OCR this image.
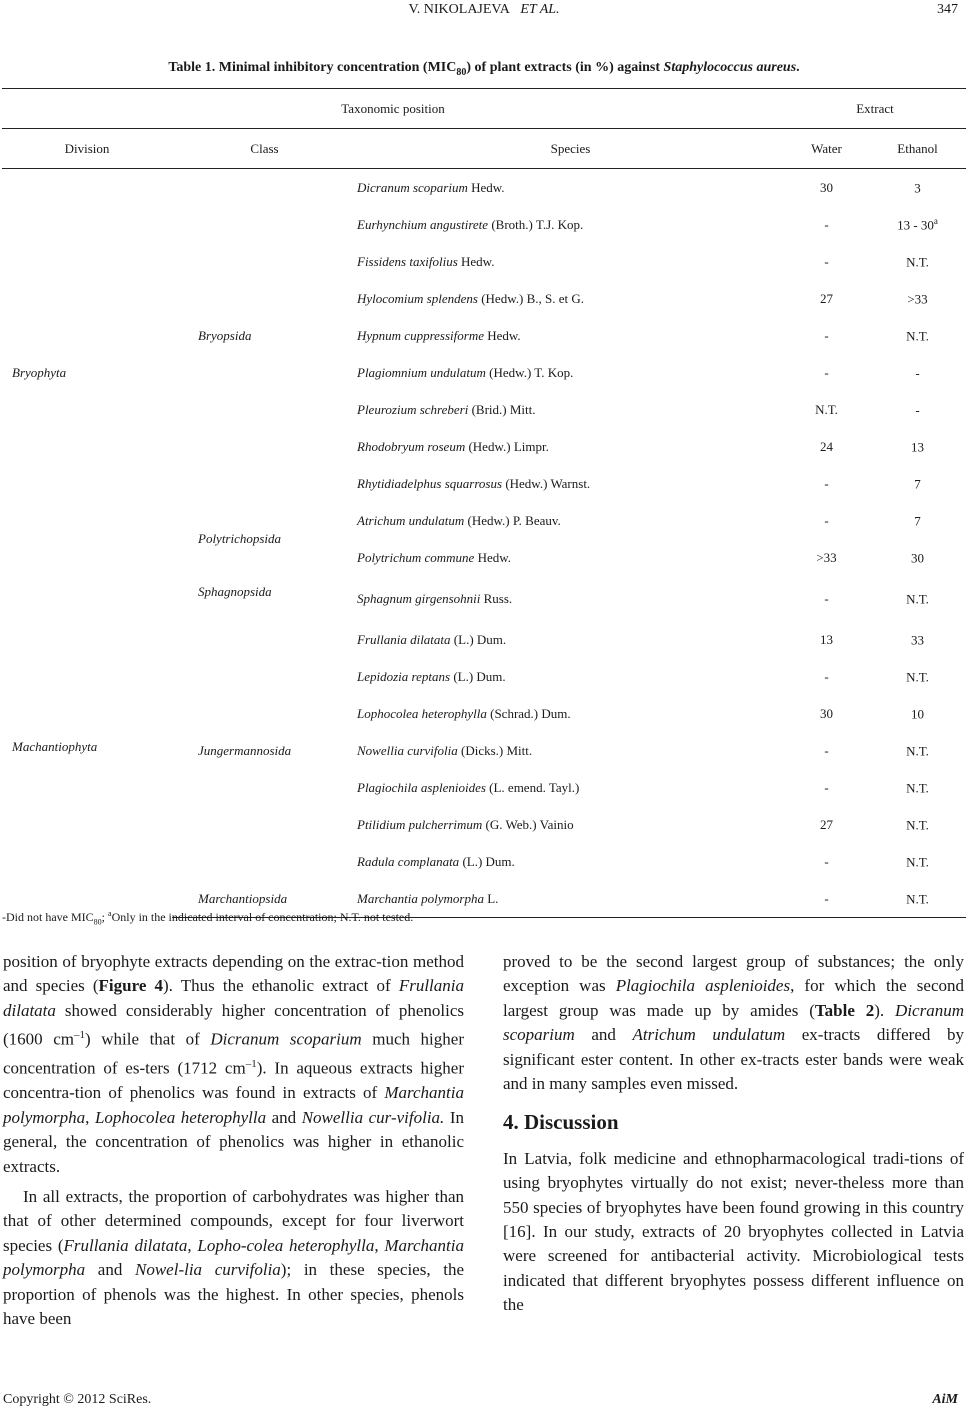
V. NIKOLAJEVA ET AL.	347
Table 1. Minimal inhibitory concentration $(MIC_{80})$ of plant extracts (in %) against Staphylococcus aureus.
Taxonomic position			Extract	
Division	Class	Species	Water	Ethanol
Bryophyta	Bryopsida	Dicranum scoparium Hedw.	30	3
		Eurhynchium angustirete (Broth.) T.J. Kop.	-	13 - 30$^a$
		Fissidens taxifolius Hedw.	-	N.T.
		Hylocomium splendens (Hedw.) B., S. et G.	27	>33
		Hypnum cuppressiforme Hedw.	-	N.T.
		Plagiomnium undulatum (Hedw.) T. Kop.	-	-
		Pleurozium schreberi (Brid.) Mitt.	N.T.	-
		Rhodobryum roseum (Hedw.) Limpr.	24	13
		Rhytidiadelphus squarrosus (Hedw.) Warnst.	-	7
	Polytrichopsida	Atrichum undulatum (Hedw.) P. Beauv.	-	7
		Polytrichum commune Hedw.	>33	30
Machantiophyta	Sphagnopsida	Sphagnum girgensohnii Russ.	-	N.T.
	Jungermannosida	Frullania dilatata (L.) Dum.	13	33
		Lepidozia reptans (L.) Dum.	-	N.T.
		Lophocolea heterophylla (Schrad.) Dum.	30	10
		Nowellia curvifolia (Dicks.) Mitt.	-	N.T.
		Plagiochila asplenioides (L. emend. Tayl.)	-	N.T.
		Ptilidium pulcherrimum (G. Web.) Vainio	27	N.T.
		Radula complanata (L.) Dum.	-	N.T.
	Marchantiopsida	Marchantia polymorpha L.	-	N.T.
-Did not have $MIC_{80}$; $^a$Only in the indicated interval of concentration; N.T. not tested.

position of bryophyte extracts depending on the extrac-tion method and species (Figure 4). Thus the ethanolic extract of Frullania dilatata showed considerably higher concentration of phenolics (1600 $cm^{-1}$) while that of Dicranum scoparium much higher concentration of es-ters (1712 $cm^{-1}$). In aqueous extracts higher concentra-tion of phenolics was found in extracts of Marchantia polymorpha, Lophocolea heterophylla and Nowellia cur-vifolia. In general, the concentration of phenolics was higher in ethanolic extracts.

In all extracts, the proportion of carbohydrates was higher than that of other determined compounds, except for four liverwort species (Frullania dilatata, Lopho-colea heterophylla, Marchantia polymorpha and Nowel-lia curvifolia); in these species, the proportion of phenols was the highest. In other species, phenols have been

proved to be the second largest group of substances; the only exception was Plagiochila asplenioides, for which the second largest group was made up by amides (Table 2). Dicranum scoparium and Atrichum undulatum ex-tracts differed by significant ester content. In other ex-tracts ester bands were weak and in many samples even missed.

4. Discussion

In Latvia, folk medicine and ethnopharmacological tradi-tions of using bryophytes virtually do not exist; never-theless more than 550 species of bryophytes have been found growing in this country [16]. In our study, extracts of 20 bryophytes collected in Latvia were screened for antibacterial activity. Microbiological tests indicated that different bryophytes possess different influence on the

Copyright © 2012 SciRes.	AiM
